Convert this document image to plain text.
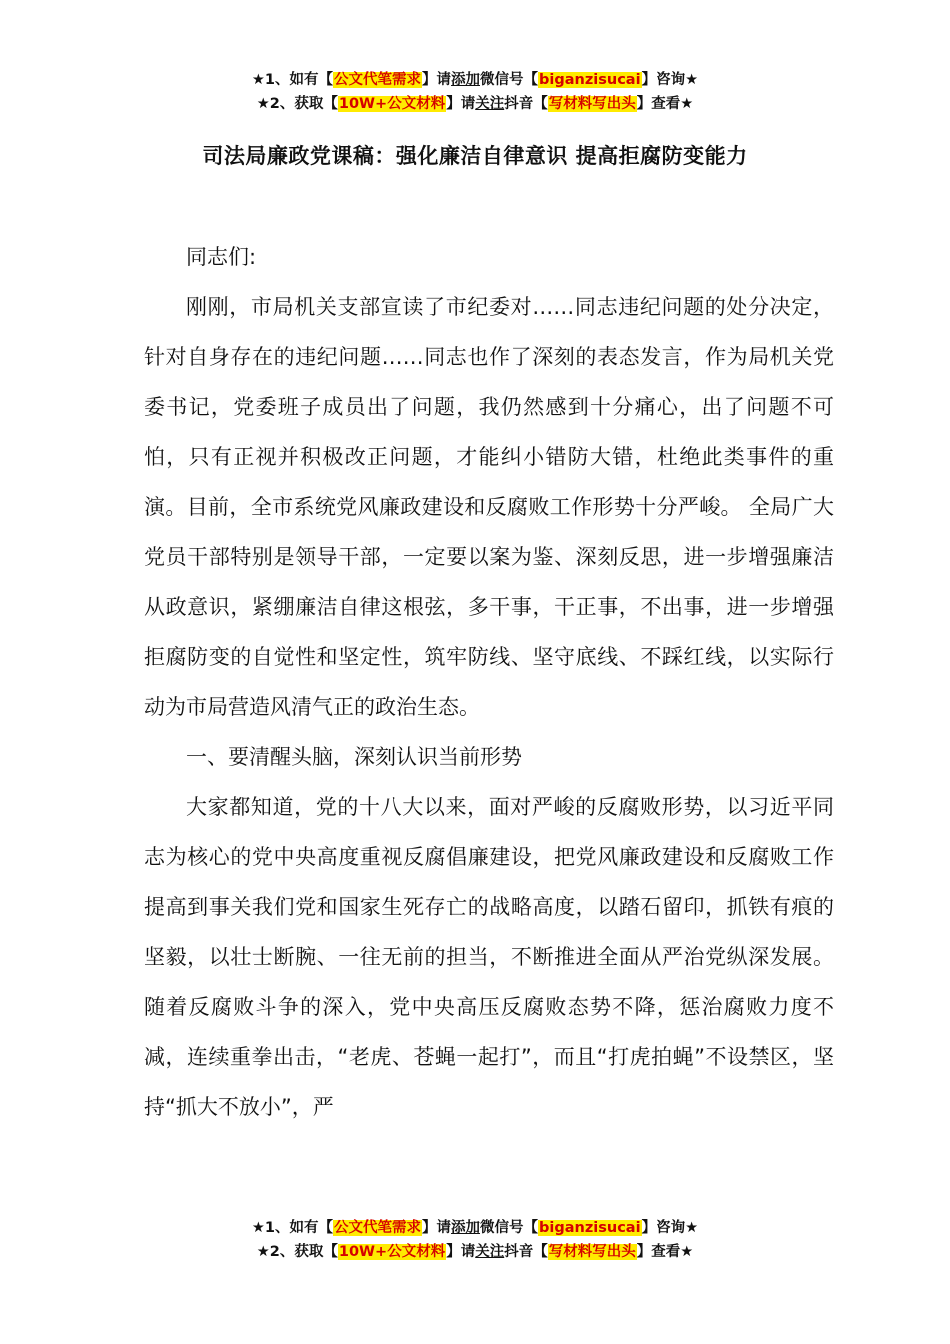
★1、如有【公文代笔需求】请添加微信号【biganzisucai】咨询★
★2、获取【10W+公文材料】请关注抖音【写材料写出头】查看★
司法局廉政党课稿：强化廉洁自律意识 提高拒腐防变能力

同志们:

刚刚，市局机关支部宣读了市纪委对……同志违纪问题的处分决定，针对自身存在的违纪问题……同志也作了深刻的表态发言，作为局机关党委书记，党委班子成员出了问题，我仍然感到十分痛心，出了问题不可怕，只有正视并积极改正问题，才能纠小错防大错，杜绝此类事件的重演。目前，全市系统党风廉政建设和反腐败工作形势十分严峻。 全局广大党员干部特别是领导干部，一定要以案为鉴、深刻反思，进一步增强廉洁从政意识，紧绷廉洁自律这根弦，多干事，干正事，不出事，进一步增强拒腐防变的自觉性和坚定性，筑牢防线、坚守底线、不踩红线，以实际行动为市局营造风清气正的政治生态。

一、要清醒头脑，深刻认识当前形势

大家都知道，党的十八大以来，面对严峻的反腐败形势，以习近平同志为核心的党中央高度重视反腐倡廉建设，把党风廉政建设和反腐败工作提高到事关我们党和国家生死存亡的战略高度，以踏石留印，抓铁有痕的坚毅，以壮士断腕、一往无前的担当，不断推进全面从严治党纵深发展。随着反腐败斗争的深入，党中央高压反腐败态势不降，惩治腐败力度不减，连续重拳出击，“老虎、苍蝇一起打”，而且“打虎拍蝇”不设禁区，坚持“抓大不放小”，严

★1、如有【公文代笔需求】请添加微信号【biganzisucai】咨询★
★2、获取【10W+公文材料】请关注抖音【写材料写出头】查看★
